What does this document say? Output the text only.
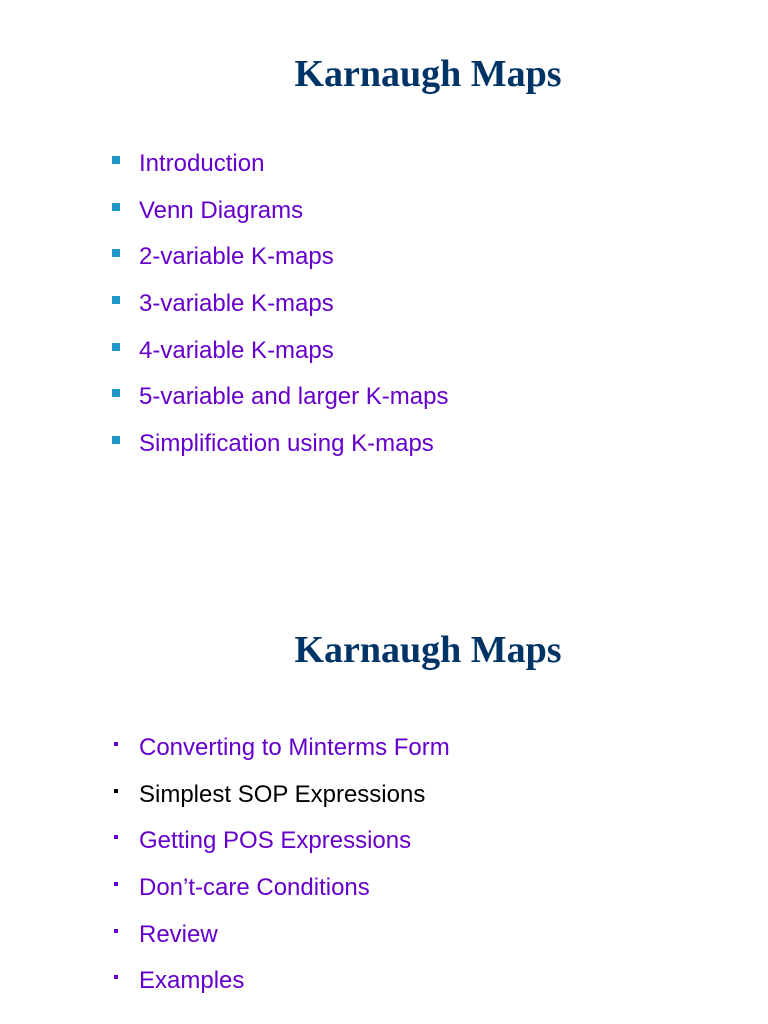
Karnaugh Maps
Introduction
Venn Diagrams
2-variable K-maps
3-variable K-maps
4-variable K-maps
5-variable and larger K-maps
Simplification using K-maps
Karnaugh Maps
Converting to Minterms Form
Simplest SOP Expressions
Getting POS Expressions
Don’t-care Conditions
Review
Examples
